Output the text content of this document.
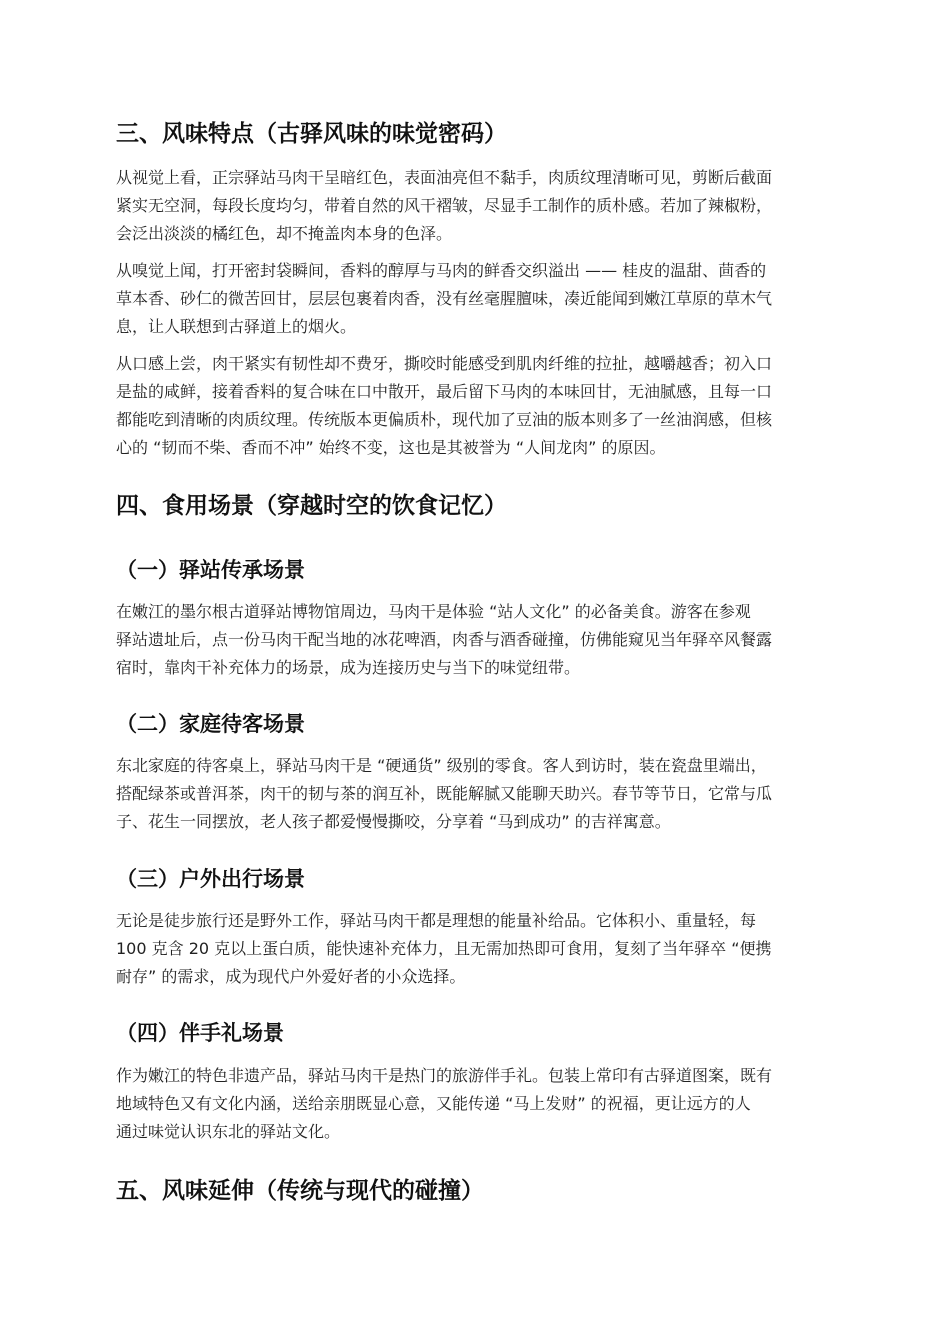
三、风味特点（古驿风味的味觉密码）
从视觉上看，正宗驿站马肉干呈暗红色，表面油亮但不黏手，肉质纹理清晰可见，剪断后截面
紧实无空洞，每段长度均匀，带着自然的风干褶皱，尽显手工制作的质朴感。若加了辣椒粉，
会泛出淡淡的橘红色，却不掩盖肉本身的色泽。
从嗅觉上闻，打开密封袋瞬间，香料的醇厚与马肉的鲜香交织溢出 —— 桂皮的温甜、茴香的
草本香、砂仁的微苦回甘，层层包裹着肉香，没有丝毫腥膻味，凑近能闻到嫩江草原的草木气
息，让人联想到古驿道上的烟火。
从口感上尝，肉干紧实有韧性却不费牙，撕咬时能感受到肌肉纤维的拉扯，越嚼越香；初入口
是盐的咸鲜，接着香料的复合味在口中散开，最后留下马肉的本味回甘，无油腻感，且每一口
都能吃到清晰的肉质纹理。传统版本更偏质朴，现代加了豆油的版本则多了一丝油润感，但核
心的 “韧而不柴、香而不冲” 始终不变，这也是其被誉为 “人间龙肉” 的原因。
四、食用场景（穿越时空的饮食记忆）
（一）驿站传承场景
在嫩江的墨尔根古道驿站博物馆周边，马肉干是体验 “站人文化” 的必备美食。游客在参观
驿站遗址后，点一份马肉干配当地的冰花啤酒，肉香与酒香碰撞，仿佛能窥见当年驿卒风餐露
宿时，靠肉干补充体力的场景，成为连接历史与当下的味觉纽带。
（二）家庭待客场景
东北家庭的待客桌上，驿站马肉干是 “硬通货” 级别的零食。客人到访时，装在瓷盘里端出，
搭配绿茶或普洱茶，肉干的韧与茶的润互补，既能解腻又能聊天助兴。春节等节日，它常与瓜
子、花生一同摆放，老人孩子都爱慢慢撕咬，分享着 “马到成功” 的吉祥寓意。
（三）户外出行场景
无论是徒步旅行还是野外工作，驿站马肉干都是理想的能量补给品。它体积小、重量轻，每
100 克含 20 克以上蛋白质，能快速补充体力，且无需加热即可食用，复刻了当年驿卒 “便携
耐存” 的需求，成为现代户外爱好者的小众选择。
（四）伴手礼场景
作为嫩江的特色非遗产品，驿站马肉干是热门的旅游伴手礼。包装上常印有古驿道图案，既有
地域特色又有文化内涵，送给亲朋既显心意，又能传递 “马上发财” 的祝福，更让远方的人
通过味觉认识东北的驿站文化。
五、风味延伸（传统与现代的碰撞）
